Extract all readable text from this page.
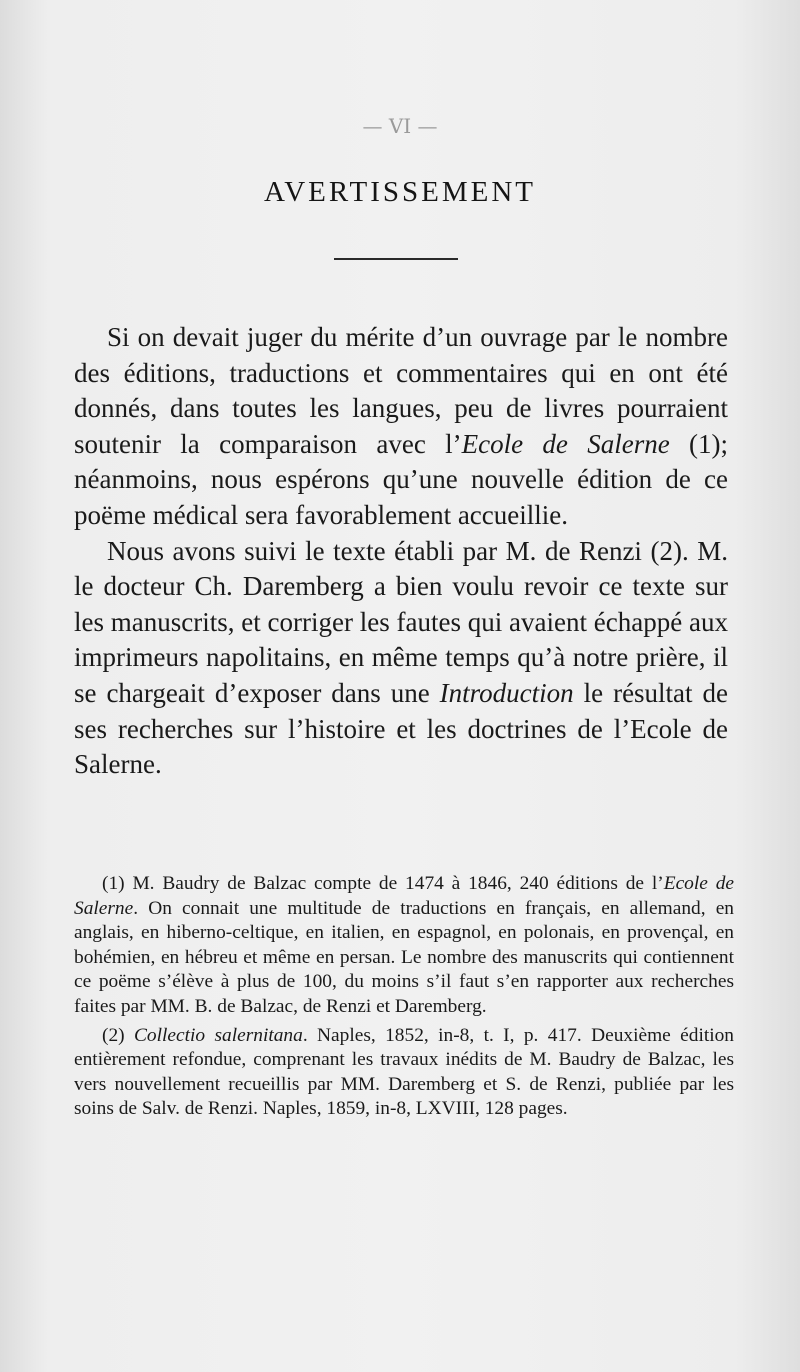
— VI —
AVERTISSEMENT

Si on devait juger du mérite d’un ouvrage par le nombre des éditions, traductions et commentaires qui en ont été donnés, dans toutes les langues, peu de livres pourraient soutenir la comparaison avec l’Ecole de Salerne (1); néanmoins, nous espérons qu’une nouvelle édition de ce poëme médical sera favorablement accueillie.

Nous avons suivi le texte établi par M. de Renzi (2). M. le docteur Ch. Daremberg a bien voulu revoir ce texte sur les manuscrits, et corriger les fautes qui avaient échappé aux imprimeurs napolitains, en même temps qu’à notre prière, il se chargeait d’exposer dans une Introduction le résultat de ses recherches sur l’histoire et les doctrines de l’Ecole de Salerne.

(1) M. Baudry de Balzac compte de 1474 à 1846, 240 éditions de l’Ecole de Salerne. On connait une multitude de traductions en français, en allemand, en anglais, en hiberno-celtique, en italien, en espagnol, en polonais, en provençal, en bohémien, en hébreu et même en persan. Le nombre des manuscrits qui contiennent ce poëme s’élève à plus de 100, du moins s’il faut s’en rapporter aux recherches faites par MM. B. de Balzac, de Renzi et Daremberg.

(2) Collectio salernitana. Naples, 1852, in-8, t. I, p. 417. Deuxième édition entièrement refondue, comprenant les travaux inédits de M. Baudry de Balzac, les vers nouvellement recueillis par MM. Daremberg et S. de Renzi, publiée par les soins de Salv. de Renzi. Naples, 1859, in-8, LXVIII, 128 pages.
